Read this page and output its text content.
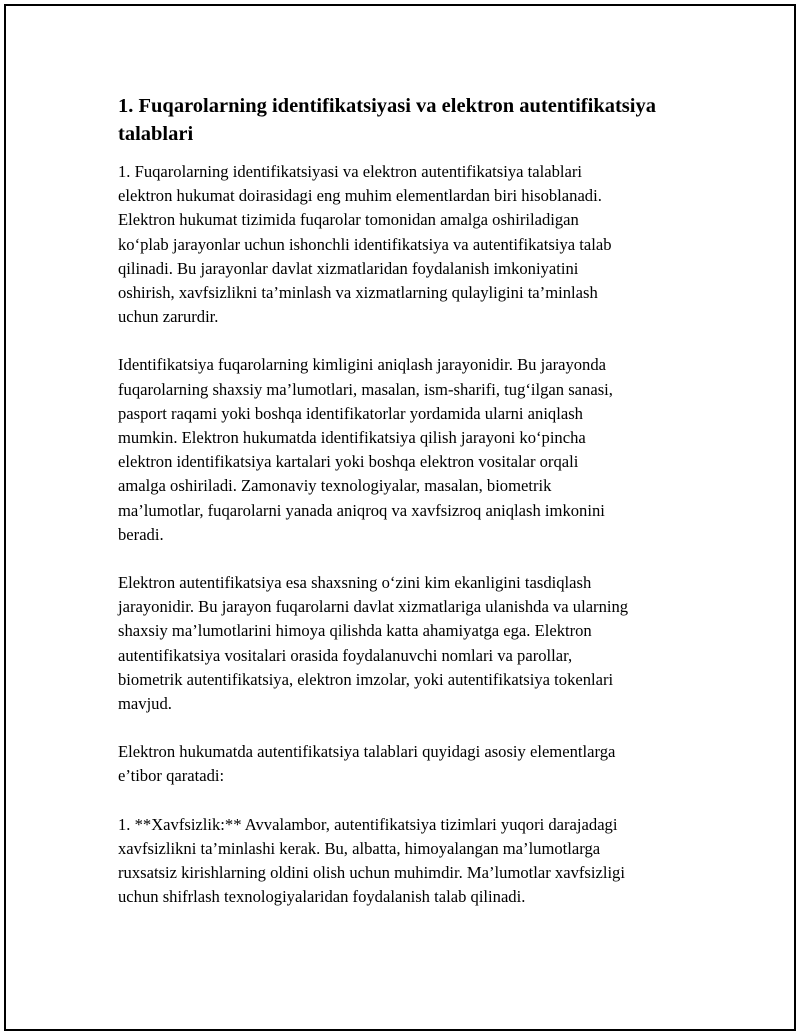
1. Fuqarolarning identifikatsiyasi va elektron autentifikatsiya
talablari

1. Fuqarolarning identifikatsiyasi va elektron autentifikatsiya talablari
elektron hukumat doirasidagi eng muhim elementlardan biri hisoblanadi.
Elektron hukumat tizimida fuqarolar tomonidan amalga oshiriladigan
ko‘plab jarayonlar uchun ishonchli identifikatsiya va autentifikatsiya talab
qilinadi. Bu jarayonlar davlat xizmatlaridan foydalanish imkoniyatini
oshirish, xavfsizlikni ta’minlash va xizmatlarning qulayligini ta’minlash
uchun zarurdir.

Identifikatsiya fuqarolarning kimligini aniqlash jarayonidir. Bu jarayonda
fuqarolarning shaxsiy ma’lumotlari, masalan, ism-sharifi, tug‘ilgan sanasi,
pasport raqami yoki boshqa identifikatorlar yordamida ularni aniqlash
mumkin. Elektron hukumatda identifikatsiya qilish jarayoni ko‘pincha
elektron identifikatsiya kartalari yoki boshqa elektron vositalar orqali
amalga oshiriladi. Zamonaviy texnologiyalar, masalan, biometrik
ma’lumotlar, fuqarolarni yanada aniqroq va xavfsizroq aniqlash imkonini
beradi.

Elektron autentifikatsiya esa shaxsning o‘zini kim ekanligini tasdiqlash
jarayonidir. Bu jarayon fuqarolarni davlat xizmatlariga ulanishda va ularning
shaxsiy ma’lumotlarini himoya qilishda katta ahamiyatga ega. Elektron
autentifikatsiya vositalari orasida foydalanuvchi nomlari va parollar,
biometrik autentifikatsiya, elektron imzolar, yoki autentifikatsiya tokenlari
mavjud.

Elektron hukumatda autentifikatsiya talablari quyidagi asosiy elementlarga
e’tibor qaratadi:

1. **Xavfsizlik:** Avvalambor, autentifikatsiya tizimlari yuqori darajadagi
xavfsizlikni ta’minlashi kerak. Bu, albatta, himoyalangan ma’lumotlarga
ruxsatsiz kirishlarning oldini olish uchun muhimdir. Ma’lumotlar xavfsizligi
uchun shifrlash texnologiyalaridan foydalanish talab qilinadi.
